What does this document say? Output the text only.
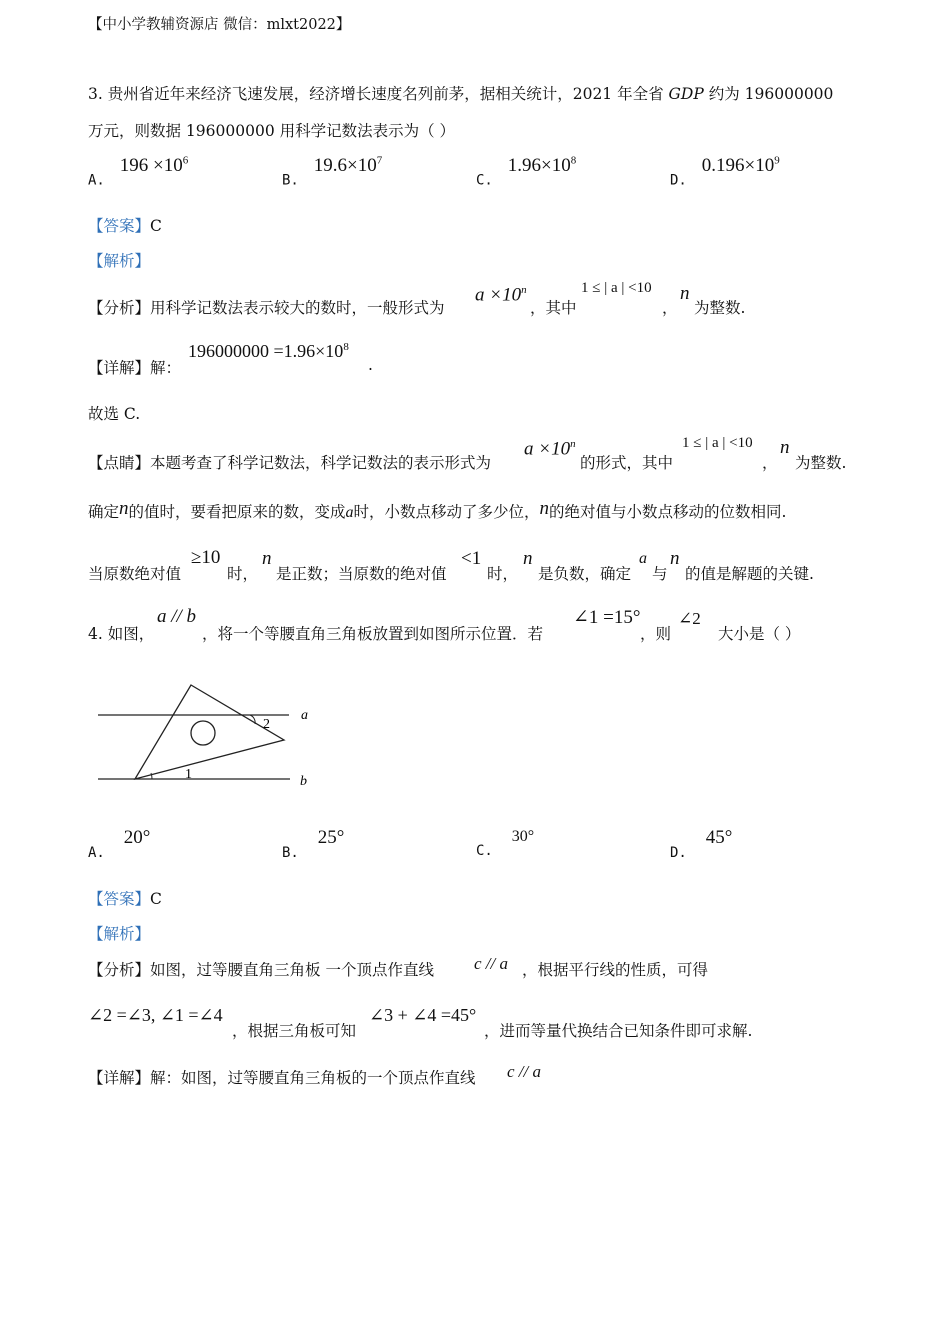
【中小学教辅资源店 微信：mlxt2022】
3. 贵州省近年来经济飞速发展，经济增长速度名列前茅，据相关统计，2021 年全省 GDP 约为 196000000
万元，则数据 196000000 用科学记数法表示为（ ）
A. $196 \times 10^6$
B. $19.6\times 10^7$
C. $1.96\times 10^8$
D. $0.196\times 10^9$
【答案】C
【解析】
【分析】用科学记数法表示较大的数时，一般形式为
$a \times 10^n$
，其中
1 ≤ | a | <10
，
n
为整数.
【详解】解：
$196000000 =1.96\times 10^8$
.
故选 C.
【点睛】本题考查了科学记数法，科学记数法的表示形式为
$a \times 10^n$
的形式，其中
1 ≤ | a | <10
，
n
为整数.
确定n的值时，要看把原来的数，变成a时，小数点移动了多少位，n的绝对值与小数点移动的位数相同.
当原数绝对值
≥10
时，
n
是正数；当原数的绝对值
<1
时，
n
是负数，确定
a
与
n
的值是解题的关键.
4. 如图，
a // b
，将一个等腰直角三角板放置到如图所示位置．若
∠1 =15°
，则
∠2
大小是（ ）
a
b
1
2
A. 20°
B. 25°
C. 30°
D. 45°
【答案】C
【解析】
【分析】如图，过等腰直角三角板 一个顶点作直线 c // a ，根据平行线的性质，可得
∠2 =∠3, ∠1 =∠4
，根据三角板可知
∠3 + ∠4 =45°
，进而等量代换结合已知条件即可求解.
【详解】解：如图，过等腰直角三角板的一个顶点作直线 c // a
